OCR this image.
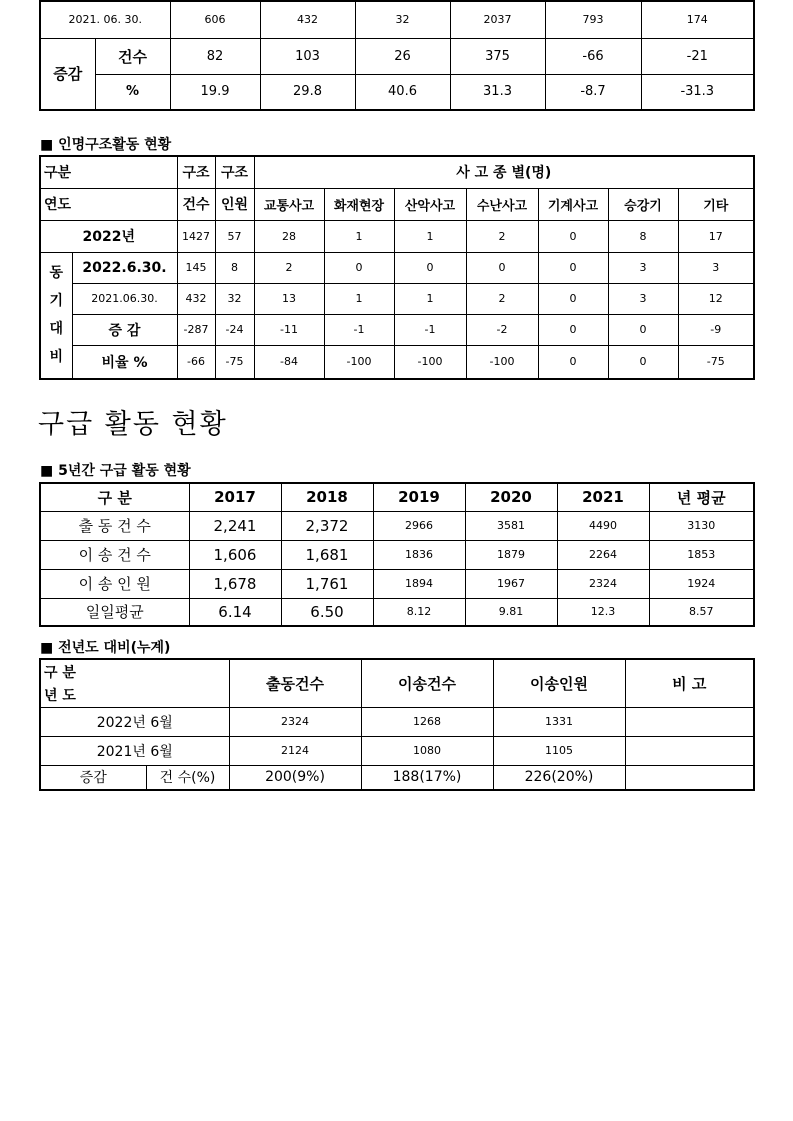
2021. 06. 30.		606	432	32	2037	793	174
증감	건수	82	103	26	375	-66	-21
	%	19.9	29.8	40.6	31.3	-8.7	-31.3
■ 인명구조활동 현황
구분		구조	구조	사 고 종 별(명)						
연도		건수	인원	교통사고	화재현장	산악사고	수난사고	기계사고	승강기	기타
2022년		1427	57	28	1	1	2	0	8	17

동
기
대
비	2022.6.30.	145	8	2	0	0	0	0	3	3
	2021.06.30.	432	32	13	1	1	2	0	3	12
	증 감	-287	-24	-11	-1	-1	-2	0	0	-9
	비율 %	-66	-75	-84	-100	-100	-100	0	0	-75
구급 활동 현황
■ 5년간 구급 활동 현황
구 분	2017	2018	2019	2020	2021	년 평균
출 동 건 수	2,241	2,372	2966	3581	4490	3130
이 송 건 수	1,606	1,681	1836	1879	2264	1853
이 송 인 원	1,678	1,761	1894	1967	2324	1924
일일평균	6.14	6.50	8.12	9.81	12.3	8.57
■ 전년도 대비(누계)
구 분		출동건수	이송건수	이송인원	비 고
년 도					
2022년 6월		2324	1268	1331	
2021년 6월		2124	1080	1105	
증감	건 수(%)	200(9%)	188(17%)	226(20%)	
